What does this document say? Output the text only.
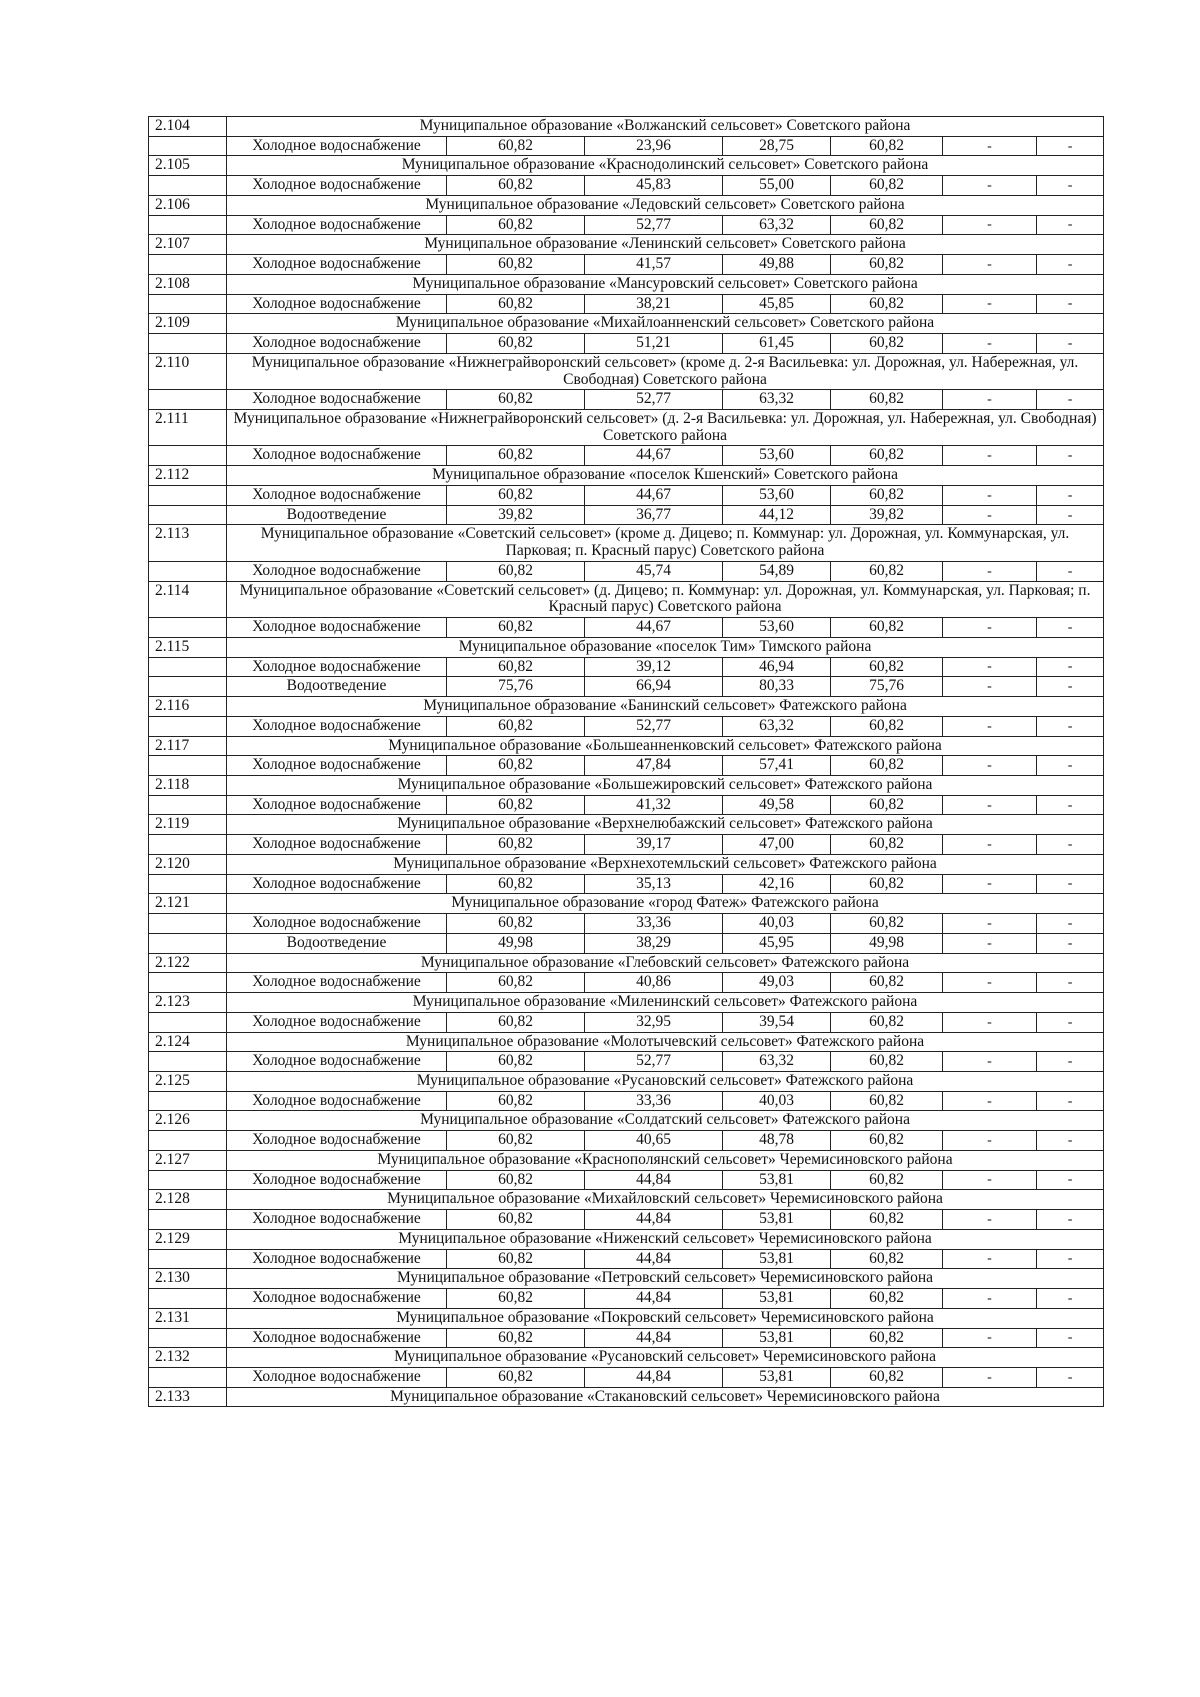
2.104	Муниципальное образование «Волжанский сельсовет» Советского района						
	Холодное водоснабжение	60,82	23,96	28,75	60,82	-	-
2.105	Муниципальное образование «Краснодолинский сельсовет» Советского района						
	Холодное водоснабжение	60,82	45,83	55,00	60,82	-	-
2.106	Муниципальное образование «Ледовский сельсовет» Советского района						
	Холодное водоснабжение	60,82	52,77	63,32	60,82	-	-
2.107	Муниципальное образование «Ленинский сельсовет» Советского района						
	Холодное водоснабжение	60,82	41,57	49,88	60,82	-	-
2.108	Муниципальное образование «Мансуровский сельсовет» Советского района						
	Холодное водоснабжение	60,82	38,21	45,85	60,82	-	-
2.109	Муниципальное образование «Михайлоанненский сельсовет» Советского района						
	Холодное водоснабжение	60,82	51,21	61,45	60,82	-	-
2.110	Муниципальное образование «Нижнеграйворонский сельсовет» (кроме д. 2-я Васильевка: ул. Дорожная, ул. Набережная, ул. Свободная) Советского района						
	Холодное водоснабжение	60,82	52,77	63,32	60,82	-	-
2.111	Муниципальное образование «Нижнеграйворонский сельсовет» (д. 2-я Васильевка: ул. Дорожная, ул. Набережная, ул. Свободная) Советского района						
	Холодное водоснабжение	60,82	44,67	53,60	60,82	-	-
2.112	Муниципальное образование «поселок Кшенский» Советского района						
	Холодное водоснабжение	60,82	44,67	53,60	60,82	-	-
	Водоотведение	39,82	36,77	44,12	39,82	-	-
2.113	Муниципальное образование «Советский сельсовет» (кроме д. Дицево; п. Коммунар: ул. Дорожная, ул. Коммунарская, ул. Парковая; п. Красный парус) Советского района						
	Холодное водоснабжение	60,82	45,74	54,89	60,82	-	-
2.114	Муниципальное образование «Советский сельсовет» (д. Дицево; п. Коммунар: ул. Дорожная, ул. Коммунарская, ул. Парковая; п. Красный парус) Советского района						
	Холодное водоснабжение	60,82	44,67	53,60	60,82	-	-
2.115	Муниципальное образование «поселок Тим» Тимского района						
	Холодное водоснабжение	60,82	39,12	46,94	60,82	-	-
	Водоотведение	75,76	66,94	80,33	75,76	-	-
2.116	Муниципальное образование «Банинский сельсовет» Фатежского района						
	Холодное водоснабжение	60,82	52,77	63,32	60,82	-	-
2.117	Муниципальное образование «Большеанненковский сельсовет» Фатежского района						
	Холодное водоснабжение	60,82	47,84	57,41	60,82	-	-
2.118	Муниципальное образование «Большежировский сельсовет» Фатежского района						
	Холодное водоснабжение	60,82	41,32	49,58	60,82	-	-
2.119	Муниципальное образование «Верхнелюбажский сельсовет» Фатежского района						
	Холодное водоснабжение	60,82	39,17	47,00	60,82	-	-
2.120	Муниципальное образование «Верхнехотемльский сельсовет» Фатежского района						
	Холодное водоснабжение	60,82	35,13	42,16	60,82	-	-
2.121	Муниципальное образование «город Фатеж» Фатежского района						
	Холодное водоснабжение	60,82	33,36	40,03	60,82	-	-
	Водоотведение	49,98	38,29	45,95	49,98	-	-
2.122	Муниципальное образование «Глебовский сельсовет» Фатежского района						
	Холодное водоснабжение	60,82	40,86	49,03	60,82	-	-
2.123	Муниципальное образование «Миленинский сельсовет» Фатежского района						
	Холодное водоснабжение	60,82	32,95	39,54	60,82	-	-
2.124	Муниципальное образование «Молотычевский сельсовет» Фатежского района						
	Холодное водоснабжение	60,82	52,77	63,32	60,82	-	-
2.125	Муниципальное образование «Русановский сельсовет» Фатежского района						
	Холодное водоснабжение	60,82	33,36	40,03	60,82	-	-
2.126	Муниципальное образование «Солдатский сельсовет» Фатежского района						
	Холодное водоснабжение	60,82	40,65	48,78	60,82	-	-
2.127	Муниципальное образование «Краснополянский сельсовет» Черемисиновского района						
	Холодное водоснабжение	60,82	44,84	53,81	60,82	-	-
2.128	Муниципальное образование «Михайловский сельсовет» Черемисиновского района						
	Холодное водоснабжение	60,82	44,84	53,81	60,82	-	-
2.129	Муниципальное образование «Ниженский сельсовет» Черемисиновского района						
	Холодное водоснабжение	60,82	44,84	53,81	60,82	-	-
2.130	Муниципальное образование «Петровский сельсовет» Черемисиновского района						
	Холодное водоснабжение	60,82	44,84	53,81	60,82	-	-
2.131	Муниципальное образование «Покровский сельсовет» Черемисиновского района						
	Холодное водоснабжение	60,82	44,84	53,81	60,82	-	-
2.132	Муниципальное образование «Русановский сельсовет» Черемисиновского района						
	Холодное водоснабжение	60,82	44,84	53,81	60,82	-	-
2.133	Муниципальное образование «Стакановский сельсовет» Черемисиновского района						
